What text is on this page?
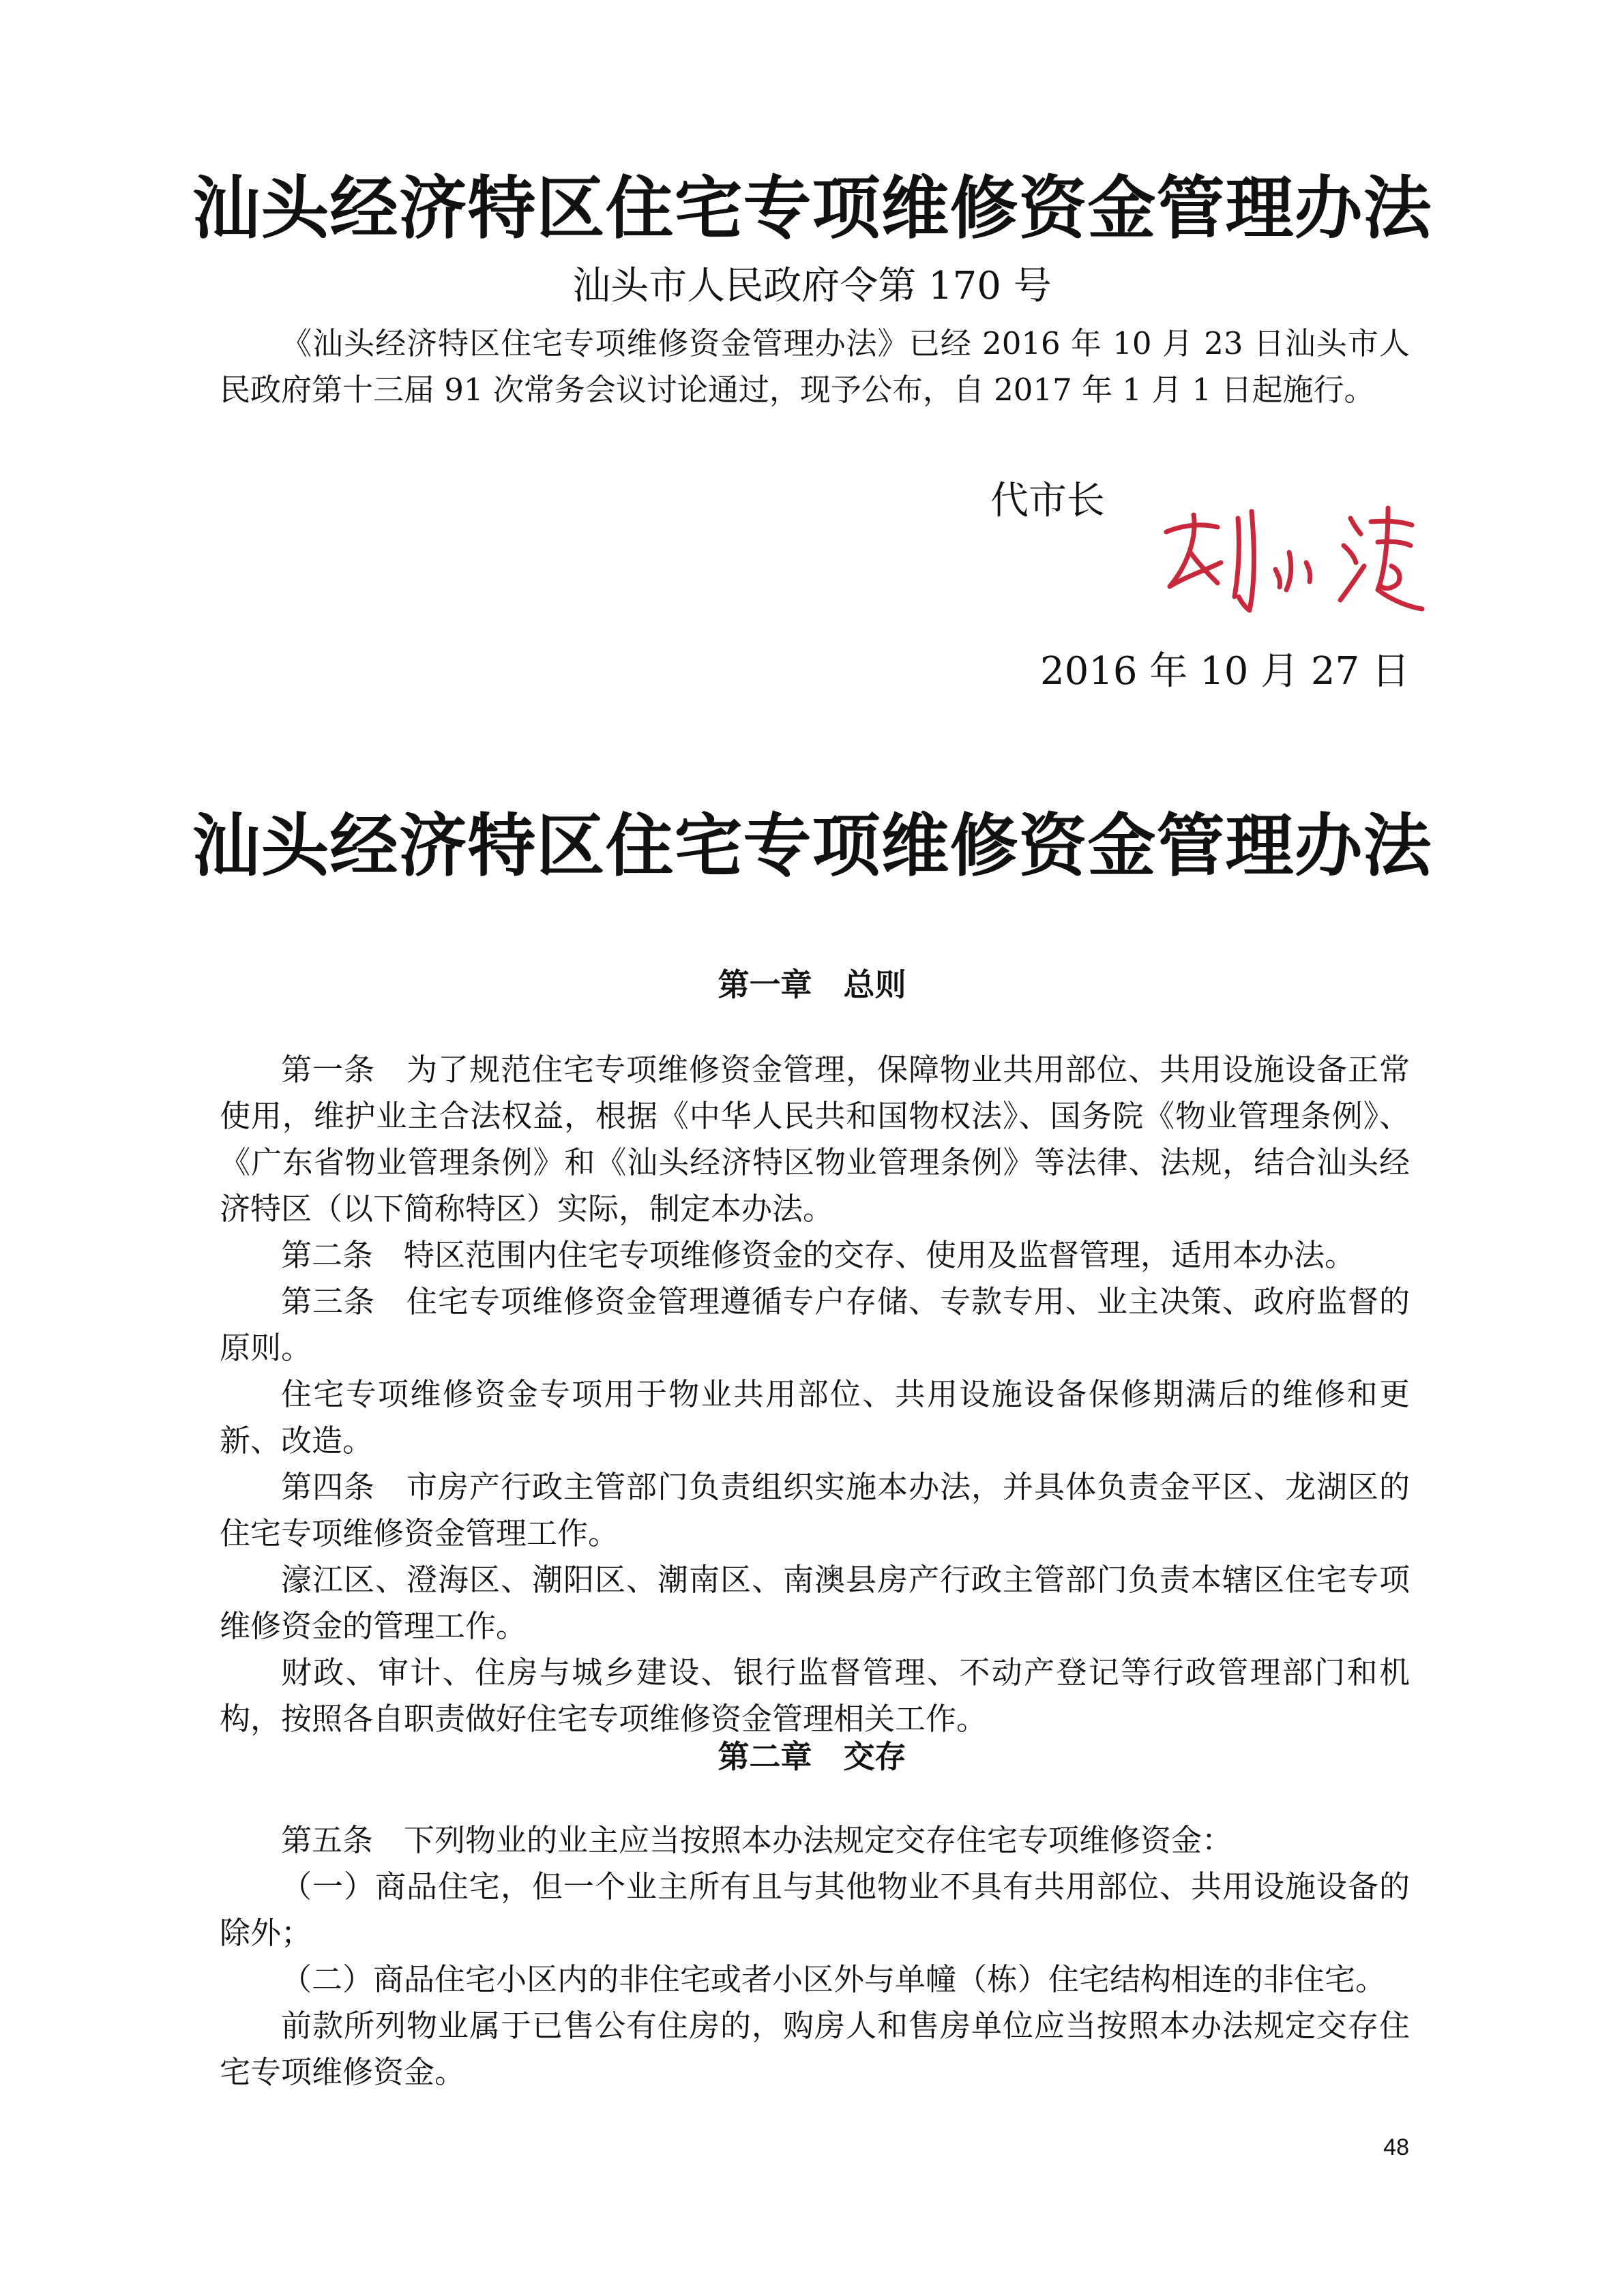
汕头经济特区住宅专项维修资金管理办法
汕头市人民政府令第 170 号

《汕头经济特区住宅专项维修资金管理办法》已经 2016 年 10 月 23 日汕头市人民政府第十三届 91 次常务会议讨论通过，现予公布，自 2017 年 1 月 1 日起施行。

代市长
2016 年 10 月 27 日
汕头经济特区住宅专项维修资金管理办法
第一章　总则

第一条　为了规范住宅专项维修资金管理，保障物业共用部位、共用设施设备正常使用，维护业主合法权益，根据《中华人民共和国物权法》、国务院《物业管理条例》、《广东省物业管理条例》和《汕头经济特区物业管理条例》等法律、法规，结合汕头经济特区（以下简称特区）实际，制定本办法。

第二条　特区范围内住宅专项维修资金的交存、使用及监督管理，适用本办法。

第三条　住宅专项维修资金管理遵循专户存储、专款专用、业主决策、政府监督的原则。

住宅专项维修资金专项用于物业共用部位、共用设施设备保修期满后的维修和更新、改造。

第四条　市房产行政主管部门负责组织实施本办法，并具体负责金平区、龙湖区的住宅专项维修资金管理工作。

濠江区、澄海区、潮阳区、潮南区、南澳县房产行政主管部门负责本辖区住宅专项维修资金的管理工作。

财政、审计、住房与城乡建设、银行监督管理、不动产登记等行政管理部门和机构，按照各自职责做好住宅专项维修资金管理相关工作。

第二章　交存

第五条　下列物业的业主应当按照本办法规定交存住宅专项维修资金：

（一）商品住宅，但一个业主所有且与其他物业不具有共用部位、共用设施设备的除外；

（二）商品住宅小区内的非住宅或者小区外与单幢（栋）住宅结构相连的非住宅。

前款所列物业属于已售公有住房的，购房人和售房单位应当按照本办法规定交存住宅专项维修资金。

48
